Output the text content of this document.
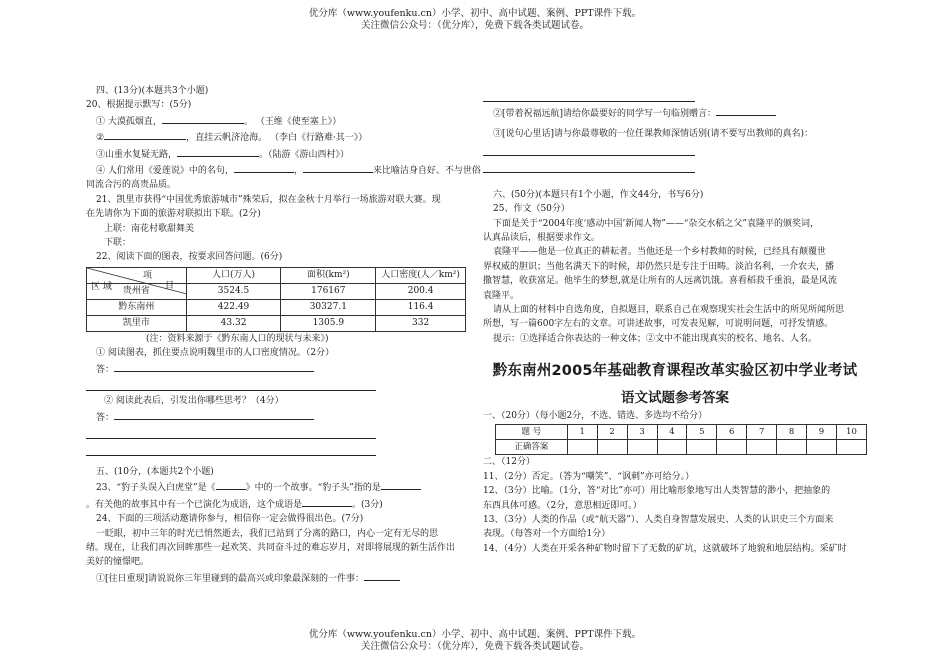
优分库（www.youfenku.cn）小学、初中、高中试题、案例、PPT课件下载。
关注微信公众号：（优分库），免费下载各类试题试卷。
四、(13分)(本题共3个小题)
20、根据提示默写：(5分)
① 大漠孤烟直，	。 （王维《使至塞上》）
②	，直挂云帆济沧海。 （李白《行路难·其一》）
③山重水复疑无路，	。（陆游《游山西村》）
④ 人们常用《爱莲说》中的名句，	，	来比喻洁身自好、不与世俗
同流合污的高贵品质。
21、凯里市获得“中国优秀旅游城市”殊荣后，拟在金秋十月举行一场旅游对联大赛。现
在先请你为下面的旅游对联拟出下联。(2分)
上联：南花村歌甜舞美
下联：
22、阅读下面的图表，按要求回答问题。(6分)
项
目
区 域	人口(万人)	面积(km²)	人口密度(人／km²)
贵州省	3524.5	176167	200.4
黔东南州	422.49	30327.1	116.4
凯里市	43.32	1305.9	332
(注：资料来源于《黔东南人口的现状与未来》)
① 阅读图表，抓住要点说明魏里市的人口密度情况。（2分）
答：
② 阅读此表后，引发出你哪些思考？（4分）
答：
五、(10分，(本题共2个小题)
23、“豹子头误入白虎堂”是《	》中的一个故事。“豹子头”指的是
。有关他的故事其中有一个已演化为成语，这个成语是	。(3分)
24、下面的三项活动邀请你参与，相信你一定会做得很出色。(7分)
一眨眼，初中三年的时光已悄然逝去，我们已站到了分离的路口，内心一定有无尽的思
绪。现在，让我们再次回眸那些一起欢笑、共同奋斗过的难忘岁月，对即将展现的新生活作出
美好的憧憬吧。
①[往日重现]请说说你三年里碰到的最高兴或印象最深刻的一件事：
②[带着祝福远航]请给你最要好的同学写一句临别赠言：
③[说句心里话]请与你最尊敬的一位任课教师深情话别(请不要写出教师的真名)：
六、(50分)(本题只有1个小题，作文44分，书写6分)
25、作文（50分）
下面是关于“2004年度‘感动中国’新闻人物”——“杂交水稻之父”袁隆平的颁奖词，
认真品读后，根据要求作文。
袁隆平——他是一位真正的耕耘者。当他还是一个乡村教师的时候，已经具有颠覆世
界权威的胆识；当他名满天下的时候，却仍然只是专注于田畴。淡泊名利，一介农夫，播
撒智慧，收获富足。他毕生的梦想,就是让所有的人远离饥饿。喜看稻菽千重浪，最是风流
袁隆平。
请从上面的材料中自选角度，自拟题目，联系自己在观察现实社会生活中的所见所闻所思
所想，写一篇600字左右的文章。可讲述故事，可发表见解，可说明问题，可抒发情感。
提示：①选择适合你表达的一种文体；②文中不能出现真实的校名、地名、人名。
黔东南州2005年基础教育课程改革实验区初中学业考试
语文试题参考答案
一、（20分）（每小题2分，不选、错选、多选均不给分）
题 号	1	2	3	4	5	6	7	8	9	10
正确答案										
二、（12分）
11、（2分）否定。（答为“嘲笑”、“讽刺”亦可给分。）
12、（3分）比喻。（1分，答“对比”亦可）用比喻形象地写出人类智慧的渺小，把抽象的
东西具体可感。（2分，意思相近即可。）
13、（3分）人类的作品（或“航天器”）、人类自身智慧发展史、人类的认识史三个方面来
表现。（每答对一个方面给1分）
14、（4分）人类在开采各种矿物时留下了无数的矿坑，这就破坏了地貌和地层结构。采矿时
优分库（www.youfenku.cn）小学、初中、高中试题、案例、PPT课件下载。
关注微信公众号：（优分库），免费下载各类试题试卷。
